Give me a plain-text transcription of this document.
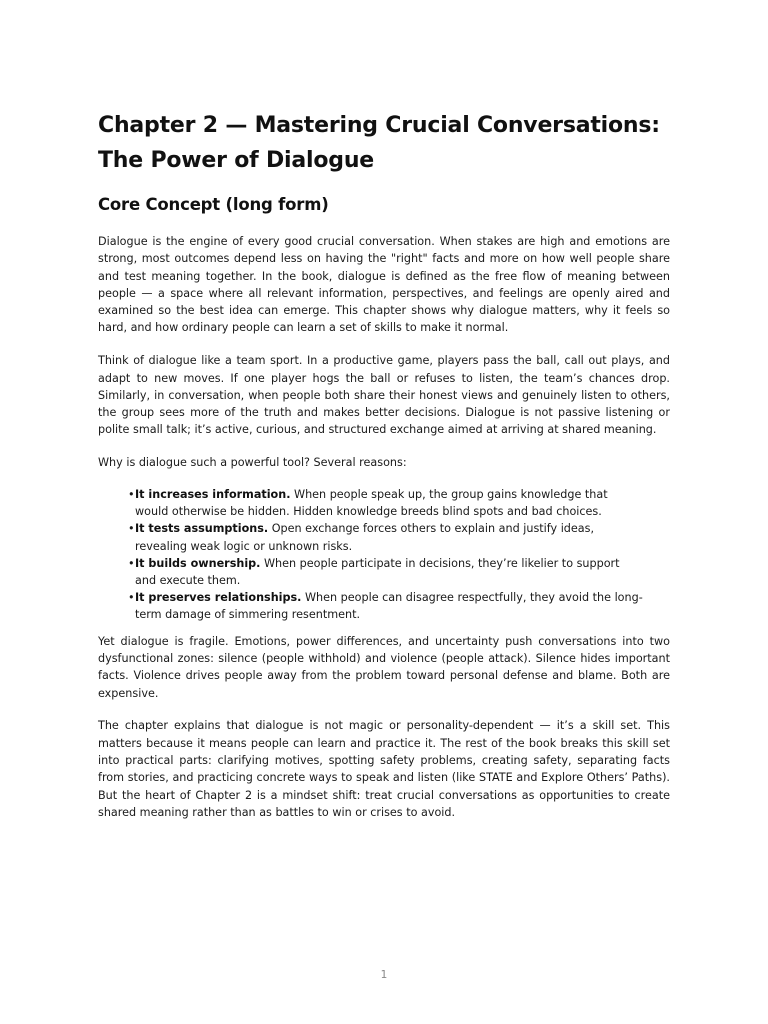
Chapter 2 — Mastering Crucial Conversations: The Power of Dialogue
Core Concept (long form)

Dialogue is the engine of every good crucial conversation. When stakes are high and emotions are strong, most outcomes depend less on having the "right" facts and more on how well people share and test meaning together. In the book, dialogue is defined as the free flow of meaning between people — a space where all relevant information, perspectives, and feelings are openly aired and examined so the best idea can emerge. This chapter shows why dialogue matters, why it feels so hard, and how ordinary people can learn a set of skills to make it normal.

Think of dialogue like a team sport. In a productive game, players pass the ball, call out plays, and adapt to new moves. If one player hogs the ball or refuses to listen, the team’s chances drop. Similarly, in conversation, when people both share their honest views and genuinely listen to others, the group sees more of the truth and makes better decisions. Dialogue is not passive listening or polite small talk; it’s active, curious, and structured exchange aimed at arriving at shared meaning.

Why is dialogue such a powerful tool? Several reasons:

• It increases information. When people speak up, the group gains knowledge that would otherwise be hidden. Hidden knowledge breeds blind spots and bad choices.
• It tests assumptions. Open exchange forces others to explain and justify ideas, revealing weak logic or unknown risks.
• It builds ownership. When people participate in decisions, they’re likelier to support and execute them.
• It preserves relationships. When people can disagree respectfully, they avoid the long-term damage of simmering resentment.

Yet dialogue is fragile. Emotions, power differences, and uncertainty push conversations into two dysfunctional zones: silence (people withhold) and violence (people attack). Silence hides important facts. Violence drives people away from the problem toward personal defense and blame. Both are expensive.

The chapter explains that dialogue is not magic or personality-dependent — it’s a skill set. This matters because it means people can learn and practice it. The rest of the book breaks this skill set into practical parts: clarifying motives, spotting safety problems, creating safety, separating facts from stories, and practicing concrete ways to speak and listen (like STATE and Explore Others’ Paths). But the heart of Chapter 2 is a mindset shift: treat crucial conversations as opportunities to create shared meaning rather than as battles to win or crises to avoid.

1
